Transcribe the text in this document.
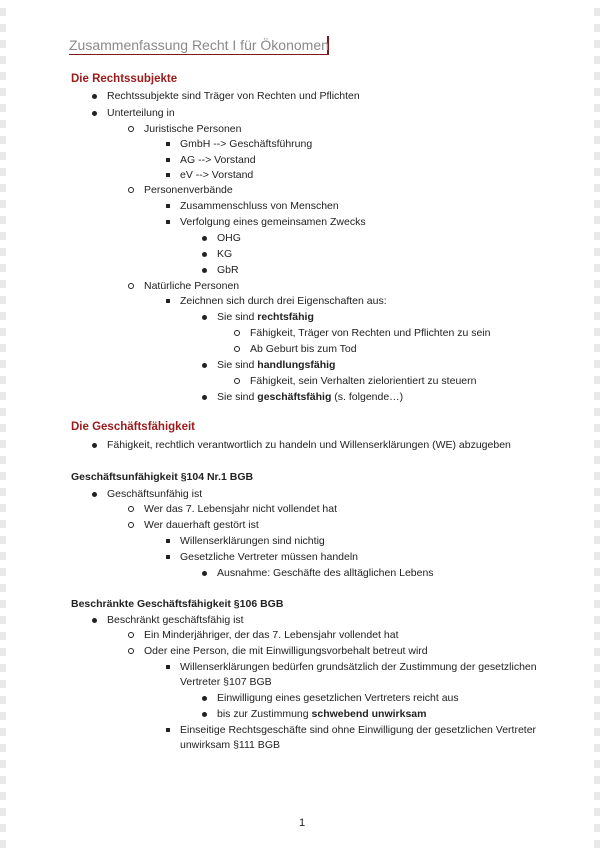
Zusammenfassung Recht I für Ökonomen
Die Rechtssubjekte
Rechtssubjekte sind Träger von Rechten und Pflichten
Unterteilung in
Juristische Personen
GmbH --> Geschäftsführung
AG --> Vorstand
eV --> Vorstand
Personenverbände
Zusammenschluss von Menschen
Verfolgung eines gemeinsamen Zwecks
OHG
KG
GbR
Natürliche Personen
Zeichnen sich durch drei Eigenschaften aus:
Sie sind rechtsfähig
Fähigkeit, Träger von Rechten und Pflichten zu sein
Ab Geburt bis zum Tod
Sie sind handlungsfähig
Fähigkeit, sein Verhalten zielorientiert zu steuern
Sie sind geschäftsfähig (s. folgende…)
Die Geschäftsfähigkeit
Fähigkeit, rechtlich verantwortlich zu handeln und Willenserklärungen (WE) abzugeben
Geschäftsunfähigkeit §104 Nr.1 BGB
Geschäftsunfähig ist
Wer das 7. Lebensjahr nicht vollendet hat
Wer dauerhaft gestört ist
Willenserklärungen sind nichtig
Gesetzliche Vertreter müssen handeln
Ausnahme: Geschäfte des alltäglichen Lebens
Beschränkte Geschäftsfähigkeit §106 BGB
Beschränkt geschäftsfähig ist
Ein Minderjähriger, der das 7. Lebensjahr vollendet hat
Oder eine Person, die mit Einwilligungsvorbehalt betreut wird
Willenserklärungen bedürfen grundsätzlich der Zustimmung der gesetzlichen
Vertreter §107 BGB
Einwilligung eines gesetzlichen Vertreters reicht aus
bis zur Zustimmung schwebend unwirksam
Einseitige Rechtsgeschäfte sind ohne Einwilligung der gesetzlichen Vertreter
unwirksam §111 BGB
1
